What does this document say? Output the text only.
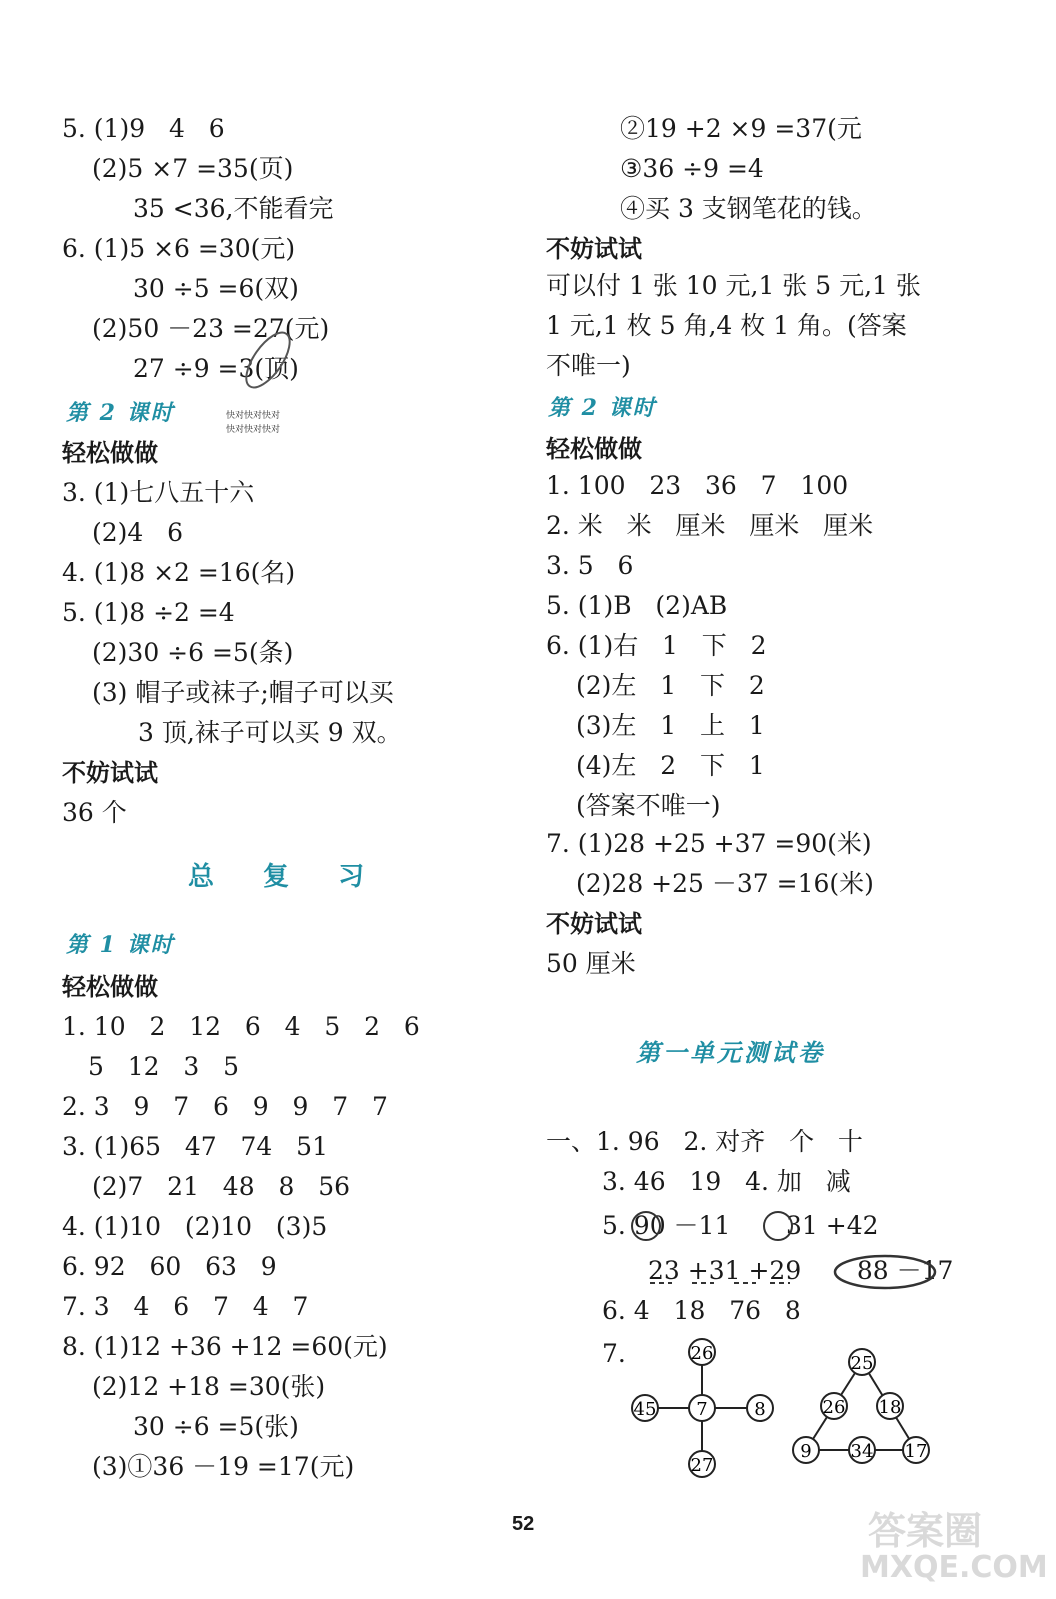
5. (1)9   4   6
(2)5 ×7 =35(页)
35 <36,不能看完
6. (1)5 ×6 =30(元)
30 ÷5 =6(双)
(2)50 －23 =27(元)
27 ÷9 =3(顶)
第 2 课时	快对快对快对
快对快对快对
轻松做做
3. (1)七八五十六
(2)4   6
4. (1)8 ×2 =16(名)
5. (1)8 ÷2 =4
(2)30 ÷6 =5(条)
(3) 帽子或袜子;帽子可以买
3 顶,袜子可以买 9 双。
不妨试试
36 个
总 复 习
第 1 课时
轻松做做
1. 10   2   12   6   4   5   2   6
5   12   3   5
2. 3   9   7   6   9   9   7   7
3. (1)65   47   74   51
(2)7   21   48   8   56
4. (1)10   (2)10   (3)5
6. 92   60   63   9
7. 3   4   6   7   4   7
8. (1)12 +36 +12 =60(元)
(2)12 +18 =30(张)
30 ÷6 =5(张)
(3)①36 －19 =17(元)
②19 +2 ×9 =37(元
③36 ÷9 =4
④买 3 支钢笔花的钱。
不妨试试
可以付 1 张 10 元,1 张 5 元,1 张
1 元,1 枚 5 角,4 枚 1 角。(答案
不唯一)
第 2 课时
轻松做做
1. 100   23   36   7   100
2. 米   米   厘米   厘米   厘米
3. 5   6
5. (1)B   (2)AB
6. (1)右   1   下   2
(2)左   1   下   2
(3)左   1   上   1
(4)左   2   下   1
(答案不唯一)
7. (1)28 +25 +37 =90(米)
(2)28 +25 －37 =16(米)
不妨试试
50 厘米
第一单元测试卷
一、1. 96   2. 对齐   个   十
3. 46   19   4. 加   减
5. 90 －11       31 +42
23 +31 +29       88 －17
6. 4   18   76   8
7.	26
45 7	8
27
25
26 18
9 34 17
52	答案圈
MXQE.COM
